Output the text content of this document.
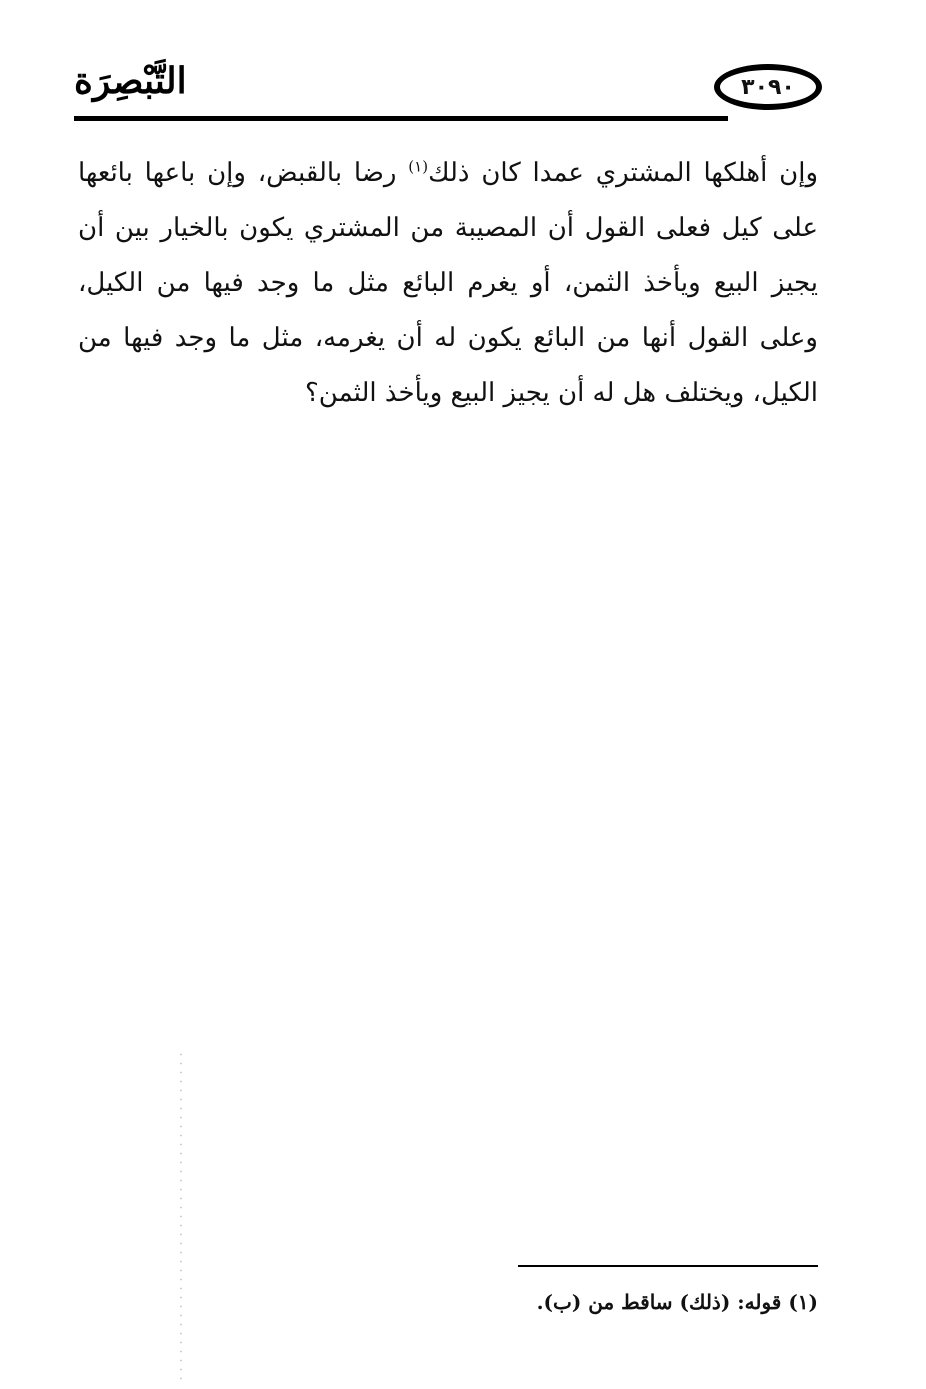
التَّبْصِرَة	٣٠٩٠

وإن أهلكها المشتري عمدا كان ذلك$^{(١)}$ رضا بالقبض، وإن باعها بائعها على كيل فعلى القول أن المصيبة من المشتري يكون بالخيار بين أن يجيز البيع ويأخذ الثمن، أو يغرم البائع مثل ما وجد فيها من الكيل، وعلى القول أنها من البائع يكون له أن يغرمه، مثل ما وجد فيها من الكيل، ويختلف هل له أن يجيز البيع ويأخذ الثمن؟

(١) قوله: (ذلك) ساقط من (ب).
